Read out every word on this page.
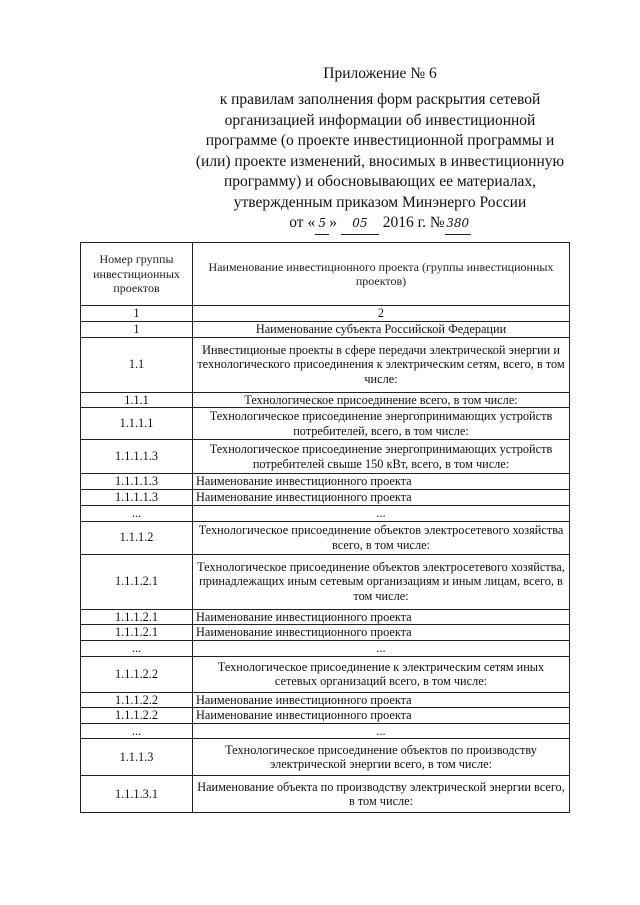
Приложение № 6
к правилам заполнения форм раскрытия сетевой
организацией информации об инвестиционной
программе (о проекте инвестиционной программы и
(или) проекте изменений, вносимых в инвестиционную
программу) и обосновывающих ее материалах,
утвержденным приказом Минэнерго России
от « 5 » 05 2016 г. № 380
Номер группы инвестиционных проектов	Наименование инвестиционного проекта (группы инвестиционных проектов)
1	2
1	Наименование субъекта Российской Федерации
1.1	Инвестиционые проекты в сфере передачи электрической энергии и технологического присоединения к электрическим сетям, всего, в том числе:
1.1.1	Технологическое присоединение всего, в том числе:
1.1.1.1	Технологическое присоединение энергопринимающих устройств потребителей, всего, в том числе:
1.1.1.1.3	Технологическое присоединение энергопринимающих устройств потребителей свыше 150 кВт, всего, в том числе:
1.1.1.1.3	Наименование инвестиционного проекта
1.1.1.1.3	Наименование инвестиционного проекта
...	...
1.1.1.2	Технологическое присоединение объектов электросетевого хозяйства всего, в том числе:
1.1.1.2.1	Технологическое присоединение объектов электросетевого хозяйства, принадлежащих иным сетевым организациям и иным лицам, всего, в том числе:
1.1.1.2.1	Наименование инвестиционного проекта
1.1.1.2.1	Наименование инвестиционного проекта
...	...
1.1.1.2.2	Технологическое присоединение к электрическим сетям иных сетевых организаций всего, в том числе:
1.1.1.2.2	Наименование инвестиционного проекта
1.1.1.2.2	Наименование инвестиционного проекта
...	...
1.1.1.3	Технологическое присоединение объектов по производству электрической энергии всего, в том числе:
1.1.1.3.1	Наименование объекта по производству электрической энергии всего, в том числе:
